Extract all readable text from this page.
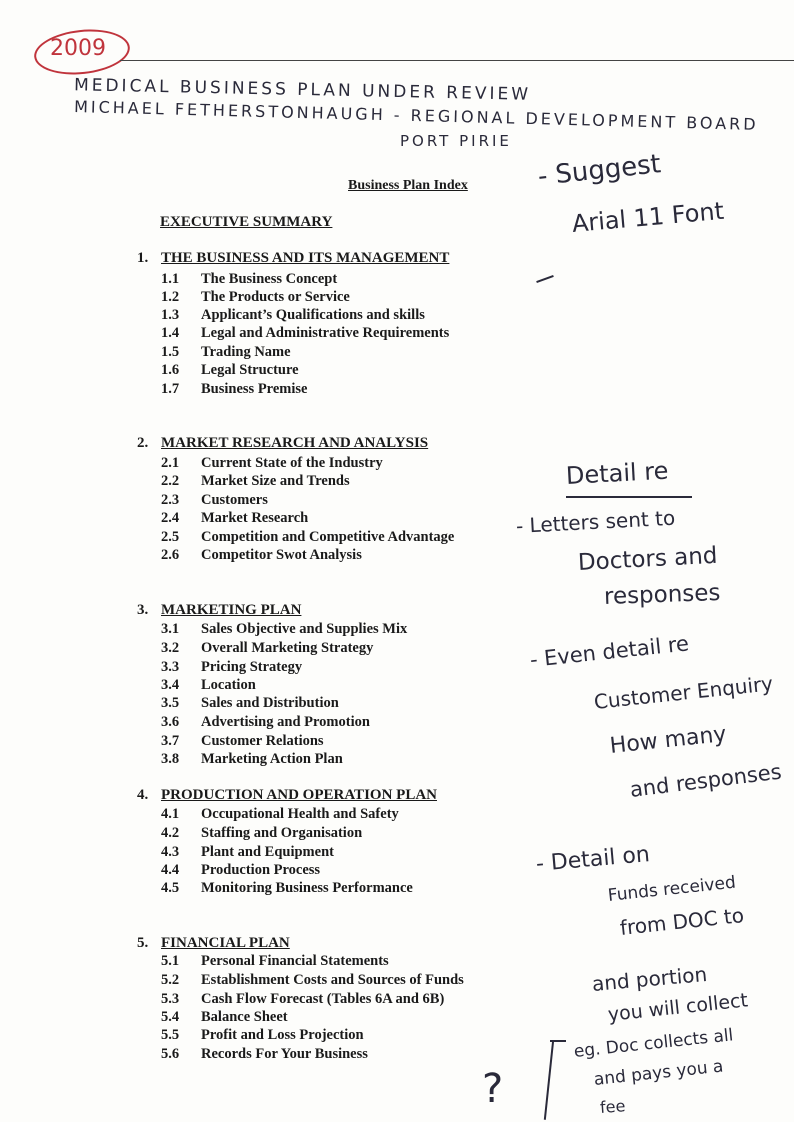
2009
MEDICAL BUSINESS PLAN UNDER REVIEW
MICHAEL FETHERSTONHAUGH - REGIONAL DEVELOPMENT BOARD
PORT PIRIE
Business Plan Index
EXECUTIVE SUMMARY
1. THE BUSINESS AND ITS MANAGEMENT
1.1 The Business Concept
1.2 The Products or Service
1.3 Applicant’s Qualifications and skills
1.4 Legal and Administrative Requirements
1.5 Trading Name
1.6 Legal Structure
1.7 Business Premise
2. MARKET RESEARCH AND ANALYSIS
2.1 Current State of the Industry
2.2 Market Size and Trends
2.3 Customers
2.4 Market Research
2.5 Competition and Competitive Advantage
2.6 Competitor Swot Analysis
3. MARKETING PLAN
3.1 Sales Objective and Supplies Mix
3.2 Overall Marketing Strategy
3.3 Pricing Strategy
3.4 Location
3.5 Sales and Distribution
3.6 Advertising and Promotion
3.7 Customer Relations
3.8 Marketing Action Plan
4. PRODUCTION AND OPERATION PLAN
4.1 Occupational Health and Safety
4.2 Staffing and Organisation
4.3 Plant and Equipment
4.4 Production Process
4.5 Monitoring Business Performance
5. FINANCIAL PLAN
5.1 Personal Financial Statements
5.2 Establishment Costs and Sources of Funds
5.3 Cash Flow Forecast (Tables 6A and 6B)
5.4 Balance Sheet
5.5 Profit and Loss Projection
5.6 Records For Your Business
- Suggest
Arial 11 Font
Detail re
- Letters sent to
Doctors and
responses
- Even detail re
Customer Enquiry
How many
and responses
- Detail on
Funds received
from DOC to
and portion
you will collect
eg. Doc collects all
and pays you a
fee
?
